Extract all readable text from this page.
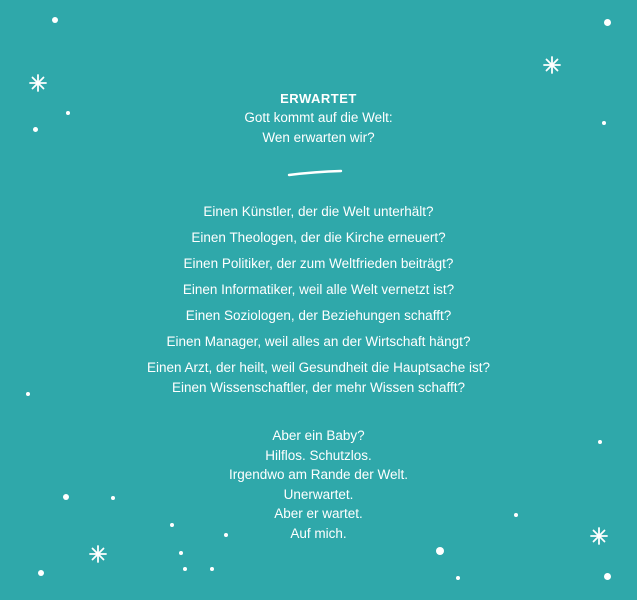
ERWARTET
Gott kommt auf die Welt:
Wen erwarten wir?
Einen Künstler, der die Welt unterhält?
Einen Theologen, der die Kirche erneuert?
Einen Politiker, der zum Weltfrieden beiträgt?
Einen Informatiker, weil alle Welt vernetzt ist?
Einen Soziologen, der Beziehungen schafft?
Einen Manager, weil alles an der Wirtschaft hängt?
Einen Arzt, der heilt, weil Gesundheit die Hauptsache ist?
Einen Wissenschaftler, der mehr Wissen schafft?
Aber ein Baby?
Hilflos. Schutzlos.
Irgendwo am Rande der Welt.
Unerwartet.
Aber er wartet.
Auf mich.
